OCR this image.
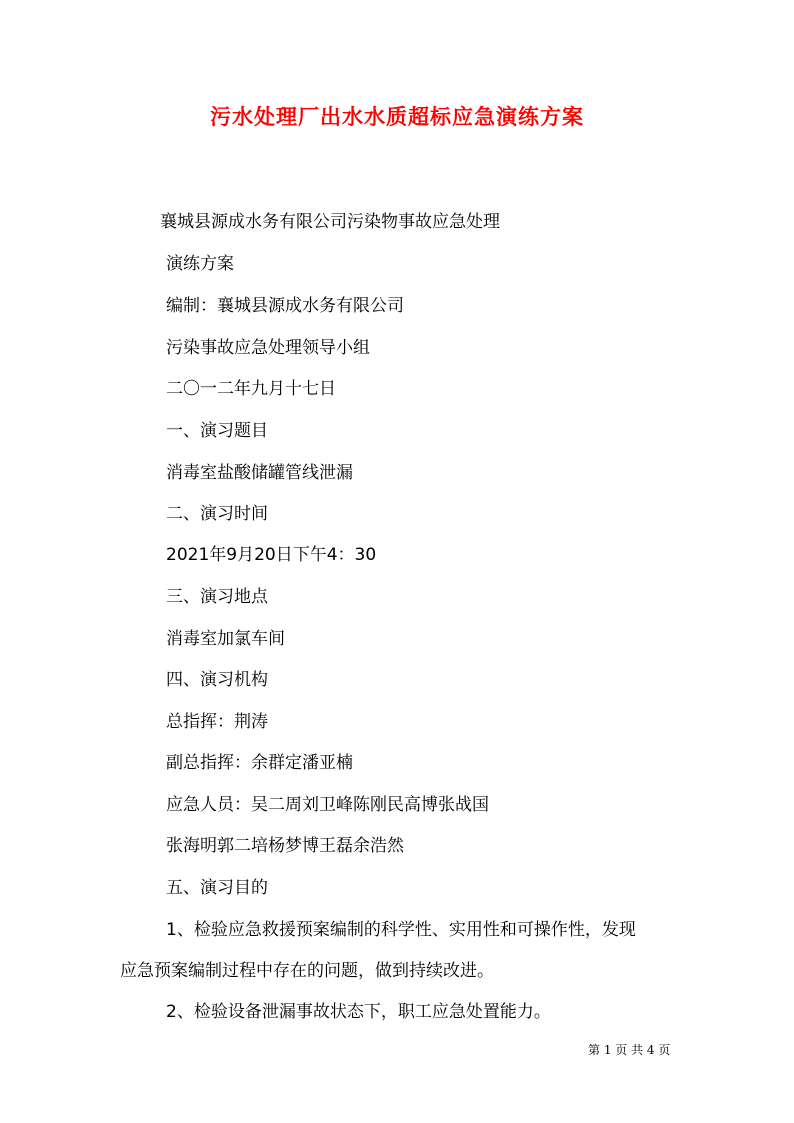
污水处理厂出水水质超标应急演练方案

襄城县源成水务有限公司污染物事故应急处理

演练方案

编制：襄城县源成水务有限公司

污染事故应急处理领导小组

二〇一二年九月十七日

一、演习题目

消毒室盐酸储罐管线泄漏

二、演习时间

2021年9月20日下午4：30

三、演习地点

消毒室加氯车间

四、演习机构

总指挥：荆涛

副总指挥：余群定潘亚楠

应急人员：吴二周刘卫峰陈刚民高博张战国

张海明郭二培杨梦博王磊余浩然

五、演习目的

1、检验应急救援预案编制的科学性、实用性和可操作性，发现

应急预案编制过程中存在的问题，做到持续改进。

2、检验设备泄漏事故状态下，职工应急处置能力。

第 1 页 共 4 页
